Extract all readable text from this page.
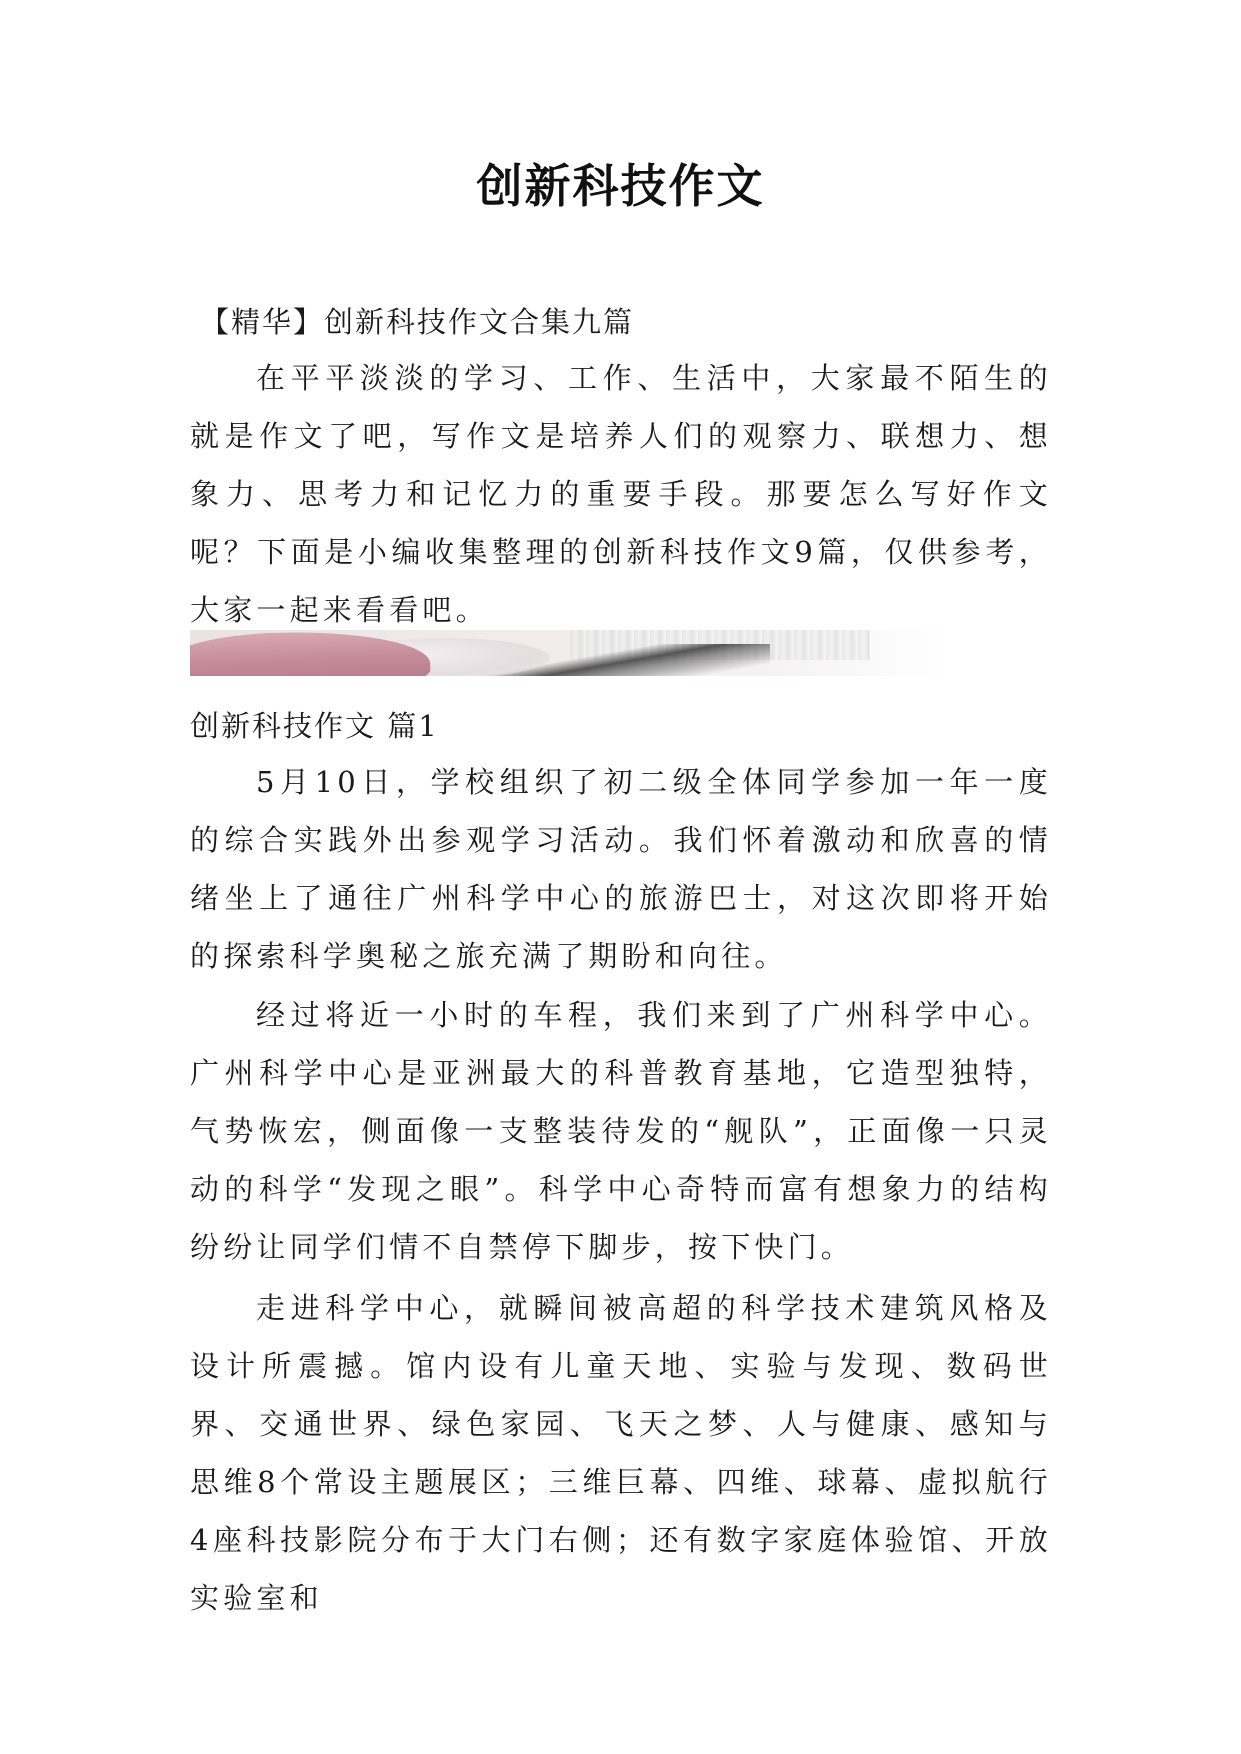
创新科技作文

【精华】创新科技作文合集九篇

在平平淡淡的学习、工作、生活中，大家最不陌生的就是作文了吧，写作文是培养人们的观察力、联想力、想象力、思考力和记忆力的重要手段。那要怎么写好作文呢？下面是小编收集整理的创新科技作文9篇，仅供参考，大家一起来看看吧。

创新科技作文 篇1

5月10日，学校组织了初二级全体同学参加一年一度的综合实践外出参观学习活动。我们怀着激动和欣喜的情绪坐上了通往广州科学中心的旅游巴士，对这次即将开始的探索科学奥秘之旅充满了期盼和向往。

经过将近一小时的车程，我们来到了广州科学中心。广州科学中心是亚洲最大的科普教育基地，它造型独特，气势恢宏，侧面像一支整装待发的“舰队”，正面像一只灵动的科学“发现之眼”。科学中心奇特而富有想象力的结构纷纷让同学们情不自禁停下脚步，按下快门。

走进科学中心，就瞬间被高超的科学技术建筑风格及设计所震撼。馆内设有儿童天地、实验与发现、数码世界、交通世界、绿色家园、飞天之梦、人与健康、感知与思维8个常设主题展区；三维巨幕、四维、球幕、虚拟航行4座科技影院分布于大门右侧；还有数字家庭体验馆、开放实验室和
